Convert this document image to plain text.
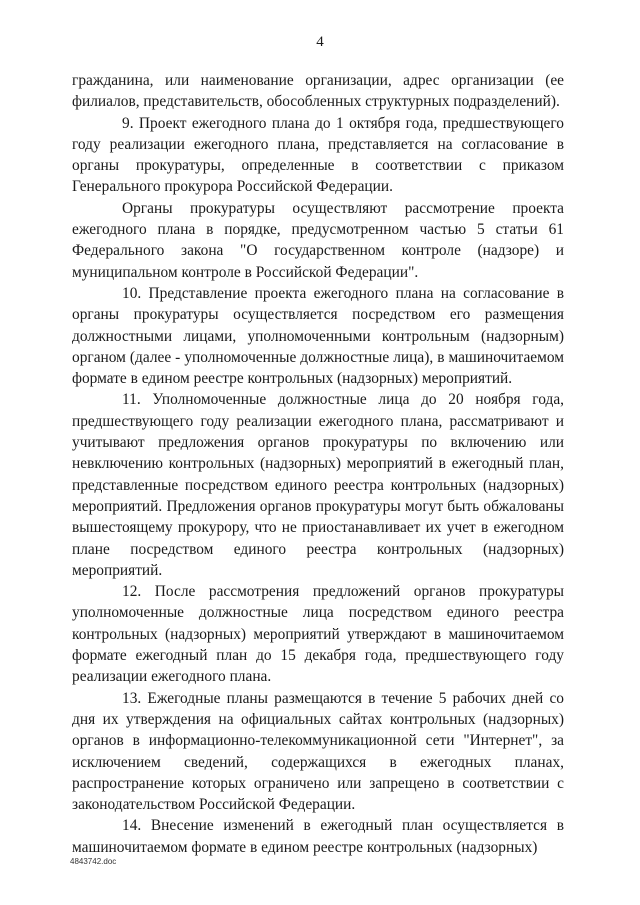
4

гражданина, или наименование организации, адрес организации (ее филиалов, представительств, обособленных структурных подразделений).

9. Проект ежегодного плана до 1 октября года, предшествующего году реализации ежегодного плана, представляется на согласование в органы прокуратуры, определенные в соответствии с приказом Генерального прокурора Российской Федерации.

Органы прокуратуры осуществляют рассмотрение проекта ежегодного плана в порядке, предусмотренном частью 5 статьи 61 Федерального закона "О государственном контроле (надзоре) и муниципальном контроле в Российской Федерации".

10. Представление проекта ежегодного плана на согласование в органы прокуратуры осуществляется посредством его размещения должностными лицами, уполномоченными контрольным (надзорным) органом (далее - уполномоченные должностные лица), в машиночитаемом формате в едином реестре контрольных (надзорных) мероприятий.

11. Уполномоченные должностные лица до 20 ноября года, предшествующего году реализации ежегодного плана, рассматривают и учитывают предложения органов прокуратуры по включению или невключению контрольных (надзорных) мероприятий в ежегодный план, представленные посредством единого реестра контрольных (надзорных) мероприятий. Предложения органов прокуратуры могут быть обжалованы вышестоящему прокурору, что не приостанавливает их учет в ежегодном плане посредством единого реестра контрольных (надзорных) мероприятий.

12. После рассмотрения предложений органов прокуратуры уполномоченные должностные лица посредством единого реестра контрольных (надзорных) мероприятий утверждают в машиночитаемом формате ежегодный план до 15 декабря года, предшествующего году реализации ежегодного плана.

13. Ежегодные планы размещаются в течение 5 рабочих дней со дня их утверждения на официальных сайтах контрольных (надзорных) органов в информационно-телекоммуникационной сети "Интернет", за исключением сведений, содержащихся в ежегодных планах, распространение которых ограничено или запрещено в соответствии с законодательством Российской Федерации.

14. Внесение изменений в ежегодный план осуществляется в машиночитаемом формате в едином реестре контрольных (надзорных)

4843742.doc
